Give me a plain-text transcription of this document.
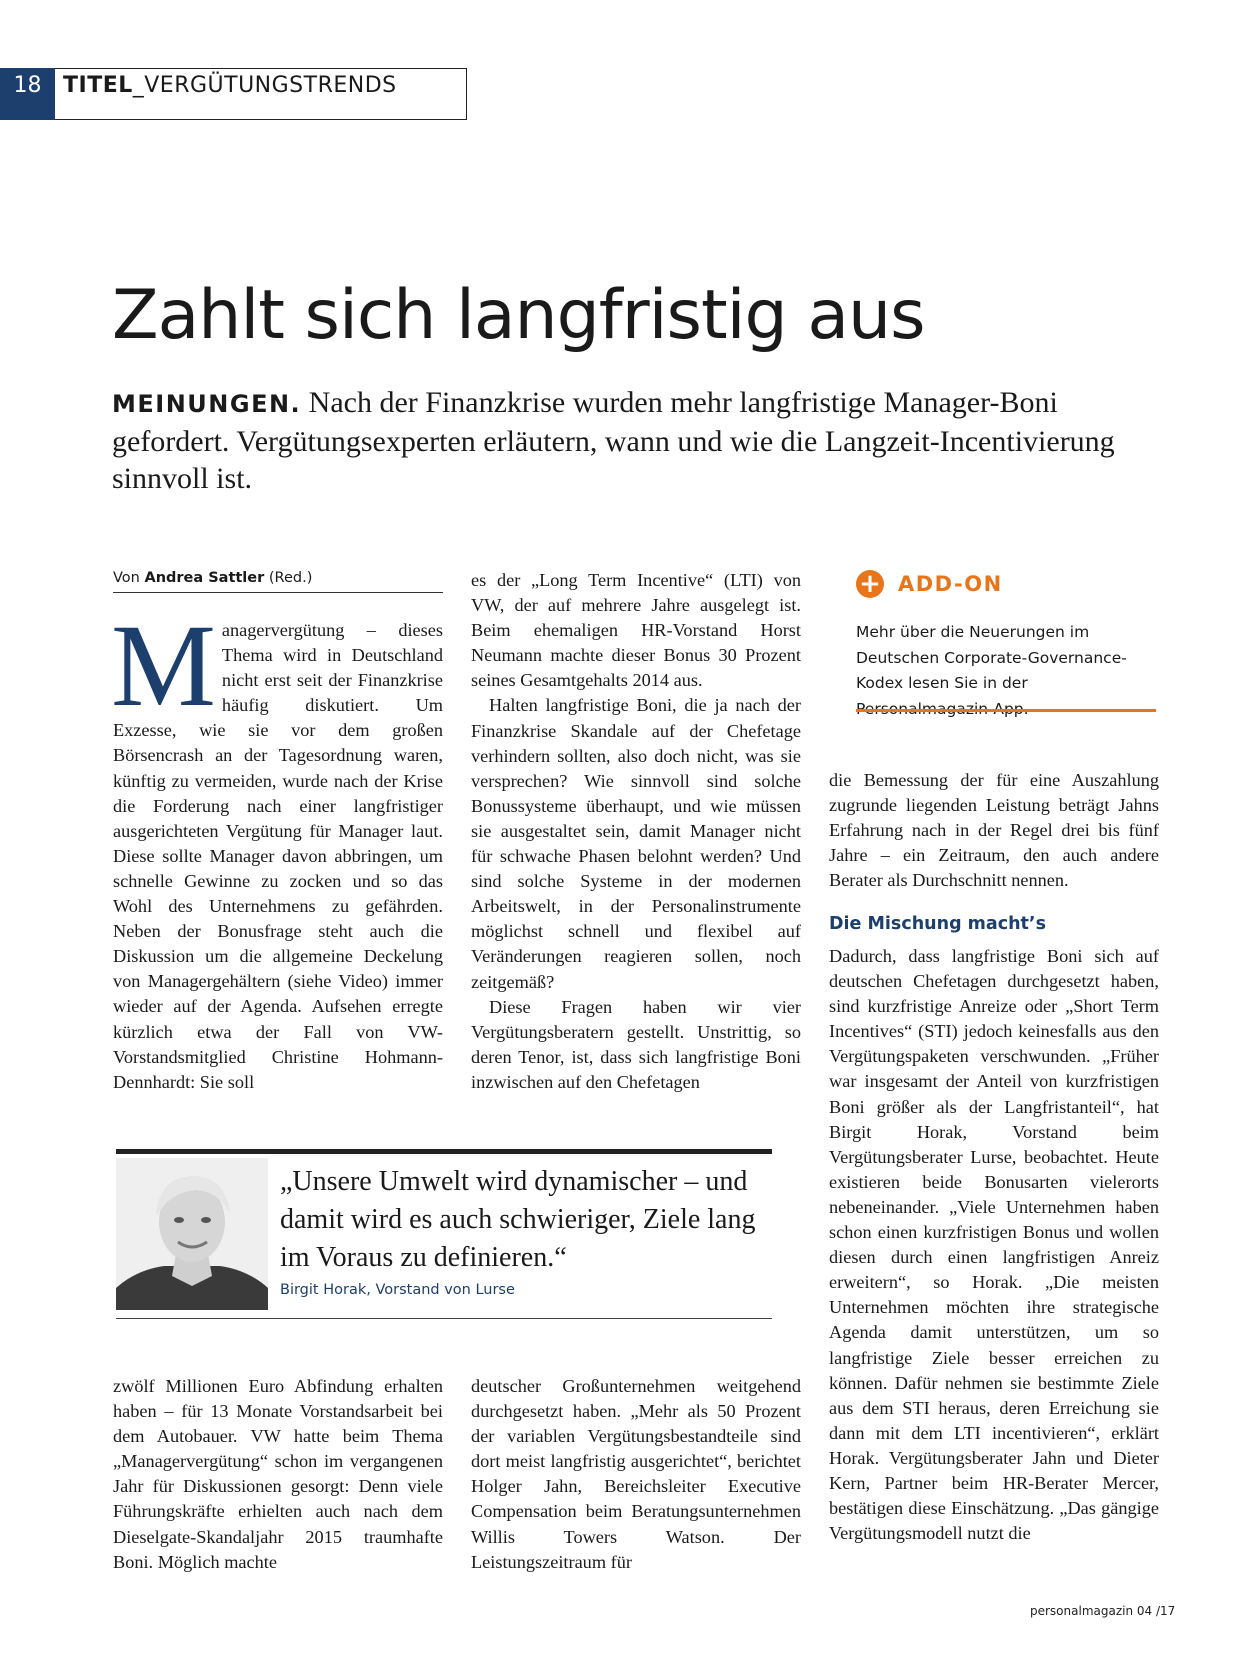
18 TITEL_VERGÜTUNGSTRENDS
Zahlt sich langfristig aus
MEINUNGEN. Nach der Finanzkrise wurden mehr langfristige Manager-Boni gefordert. Vergütungsexperten erläutern, wann und wie die Langzeit-Incentivierung sinnvoll ist.
Von Andrea Sattler (Red.)
M anagervergütung – dieses Thema wird in Deutschland nicht erst seit der Finanzkrise häufig diskutiert. Um Exzesse, wie sie vor dem großen Börsencrash an der Tagesordnung waren, künftig zu vermeiden, wurde nach der Krise die Forderung nach einer langfristiger ausgerichteten Vergütung für Manager laut. Diese sollte Manager davon abbringen, um schnelle Gewinne zu zocken und so das Wohl des Unternehmens zu gefährden. Neben der Bonusfrage steht auch die Diskussion um die allgemeine Deckelung von Managergehältern (siehe Video) immer wieder auf der Agenda. Aufsehen erregte kürzlich etwa der Fall von VW-Vorstandsmitglied Christine Hohmann-Dennhardt: Sie soll

es der „Long Term Incentive“ (LTI) von VW, der auf mehrere Jahre ausgelegt ist. Beim ehemaligen HR-Vorstand Horst Neumann machte dieser Bonus 30 Prozent seines Gesamtgehalts 2014 aus.

Halten langfristige Boni, die ja nach der Finanzkrise Skandale auf der Chefetage verhindern sollten, also doch nicht, was sie versprechen? Wie sinnvoll sind solche Bonussysteme überhaupt, und wie müssen sie ausgestaltet sein, damit Manager nicht für schwache Phasen belohnt werden? Und sind solche Systeme in der modernen Arbeitswelt, in der Personalinstrumente möglichst schnell und flexibel auf Veränderungen reagieren sollen, noch zeitgemäß?

Diese Fragen haben wir vier Vergütungsberatern gestellt. Unstrittig, so deren Tenor, ist, dass sich langfristige Boni inzwischen auf den Chefetagen

+ ADD-ON
Mehr über die Neuerungen im Deutschen Corporate-Governance-Kodex lesen Sie in der

die Bemessung der für eine Auszahlung zugrunde liegenden Leistung beträgt Jahns Erfahrung nach in der Regel drei bis fünf Jahre – ein Zeitraum, den auch andere Berater als Durchschnitt nennen.

Die Mischung macht’s

Dadurch, dass langfristige Boni sich auf deutschen Chefetagen durchgesetzt haben, sind kurzfristige Anreize oder „Short Term Incentives“ (STI) jedoch keinesfalls aus den Vergütungspaketen verschwunden. „Früher war insgesamt der Anteil von kurzfristigen Boni größer als der Langfristanteil“, hat Birgit Horak, Vorstand beim Vergütungsberater Lurse, beobachtet. Heute existieren beide Bonusarten vielerorts nebeneinander. „Viele Unternehmen haben schon einen kurzfristigen Bonus und wollen diesen durch einen langfristigen Anreiz erweitern“, so Horak. „Die meisten Unternehmen möchten ihre strategische Agenda damit unterstützen, um so langfristige Ziele besser erreichen zu können. Dafür nehmen sie bestimmte Ziele aus dem STI heraus, deren Erreichung sie dann mit dem LTI incentivieren“, erklärt Horak. Vergütungsberater Jahn und Dieter Kern, Partner beim HR-Berater Mercer, bestätigen diese Einschätzung. „Das gängige Vergütungsmodell nutzt die

„Unsere Umwelt wird dynamischer – und damit wird es auch schwieriger, Ziele lang im Voraus zu definieren.“
Birgit Horak, Vorstand von Lurse

zwölf Millionen Euro Abfindung erhalten haben – für 13 Monate Vorstandsarbeit bei dem Autobauer. VW hatte beim Thema „Managervergütung“ schon im vergangenen Jahr für Diskussionen gesorgt: Denn viele Führungskräfte erhielten auch nach dem Dieselgate-Skandaljahr 2015 traumhafte Boni. Möglich machte

deutscher Großunternehmen weitgehend durchgesetzt haben. „Mehr als 50 Prozent der variablen Vergütungsbestandteile sind dort meist langfristig ausgerichtet“, berichtet Holger Jahn, Bereichsleiter Executive Compensation beim Beratungsunternehmen Willis Towers Watson. Der Leistungszeitraum für

personalmagazin 04 /17
